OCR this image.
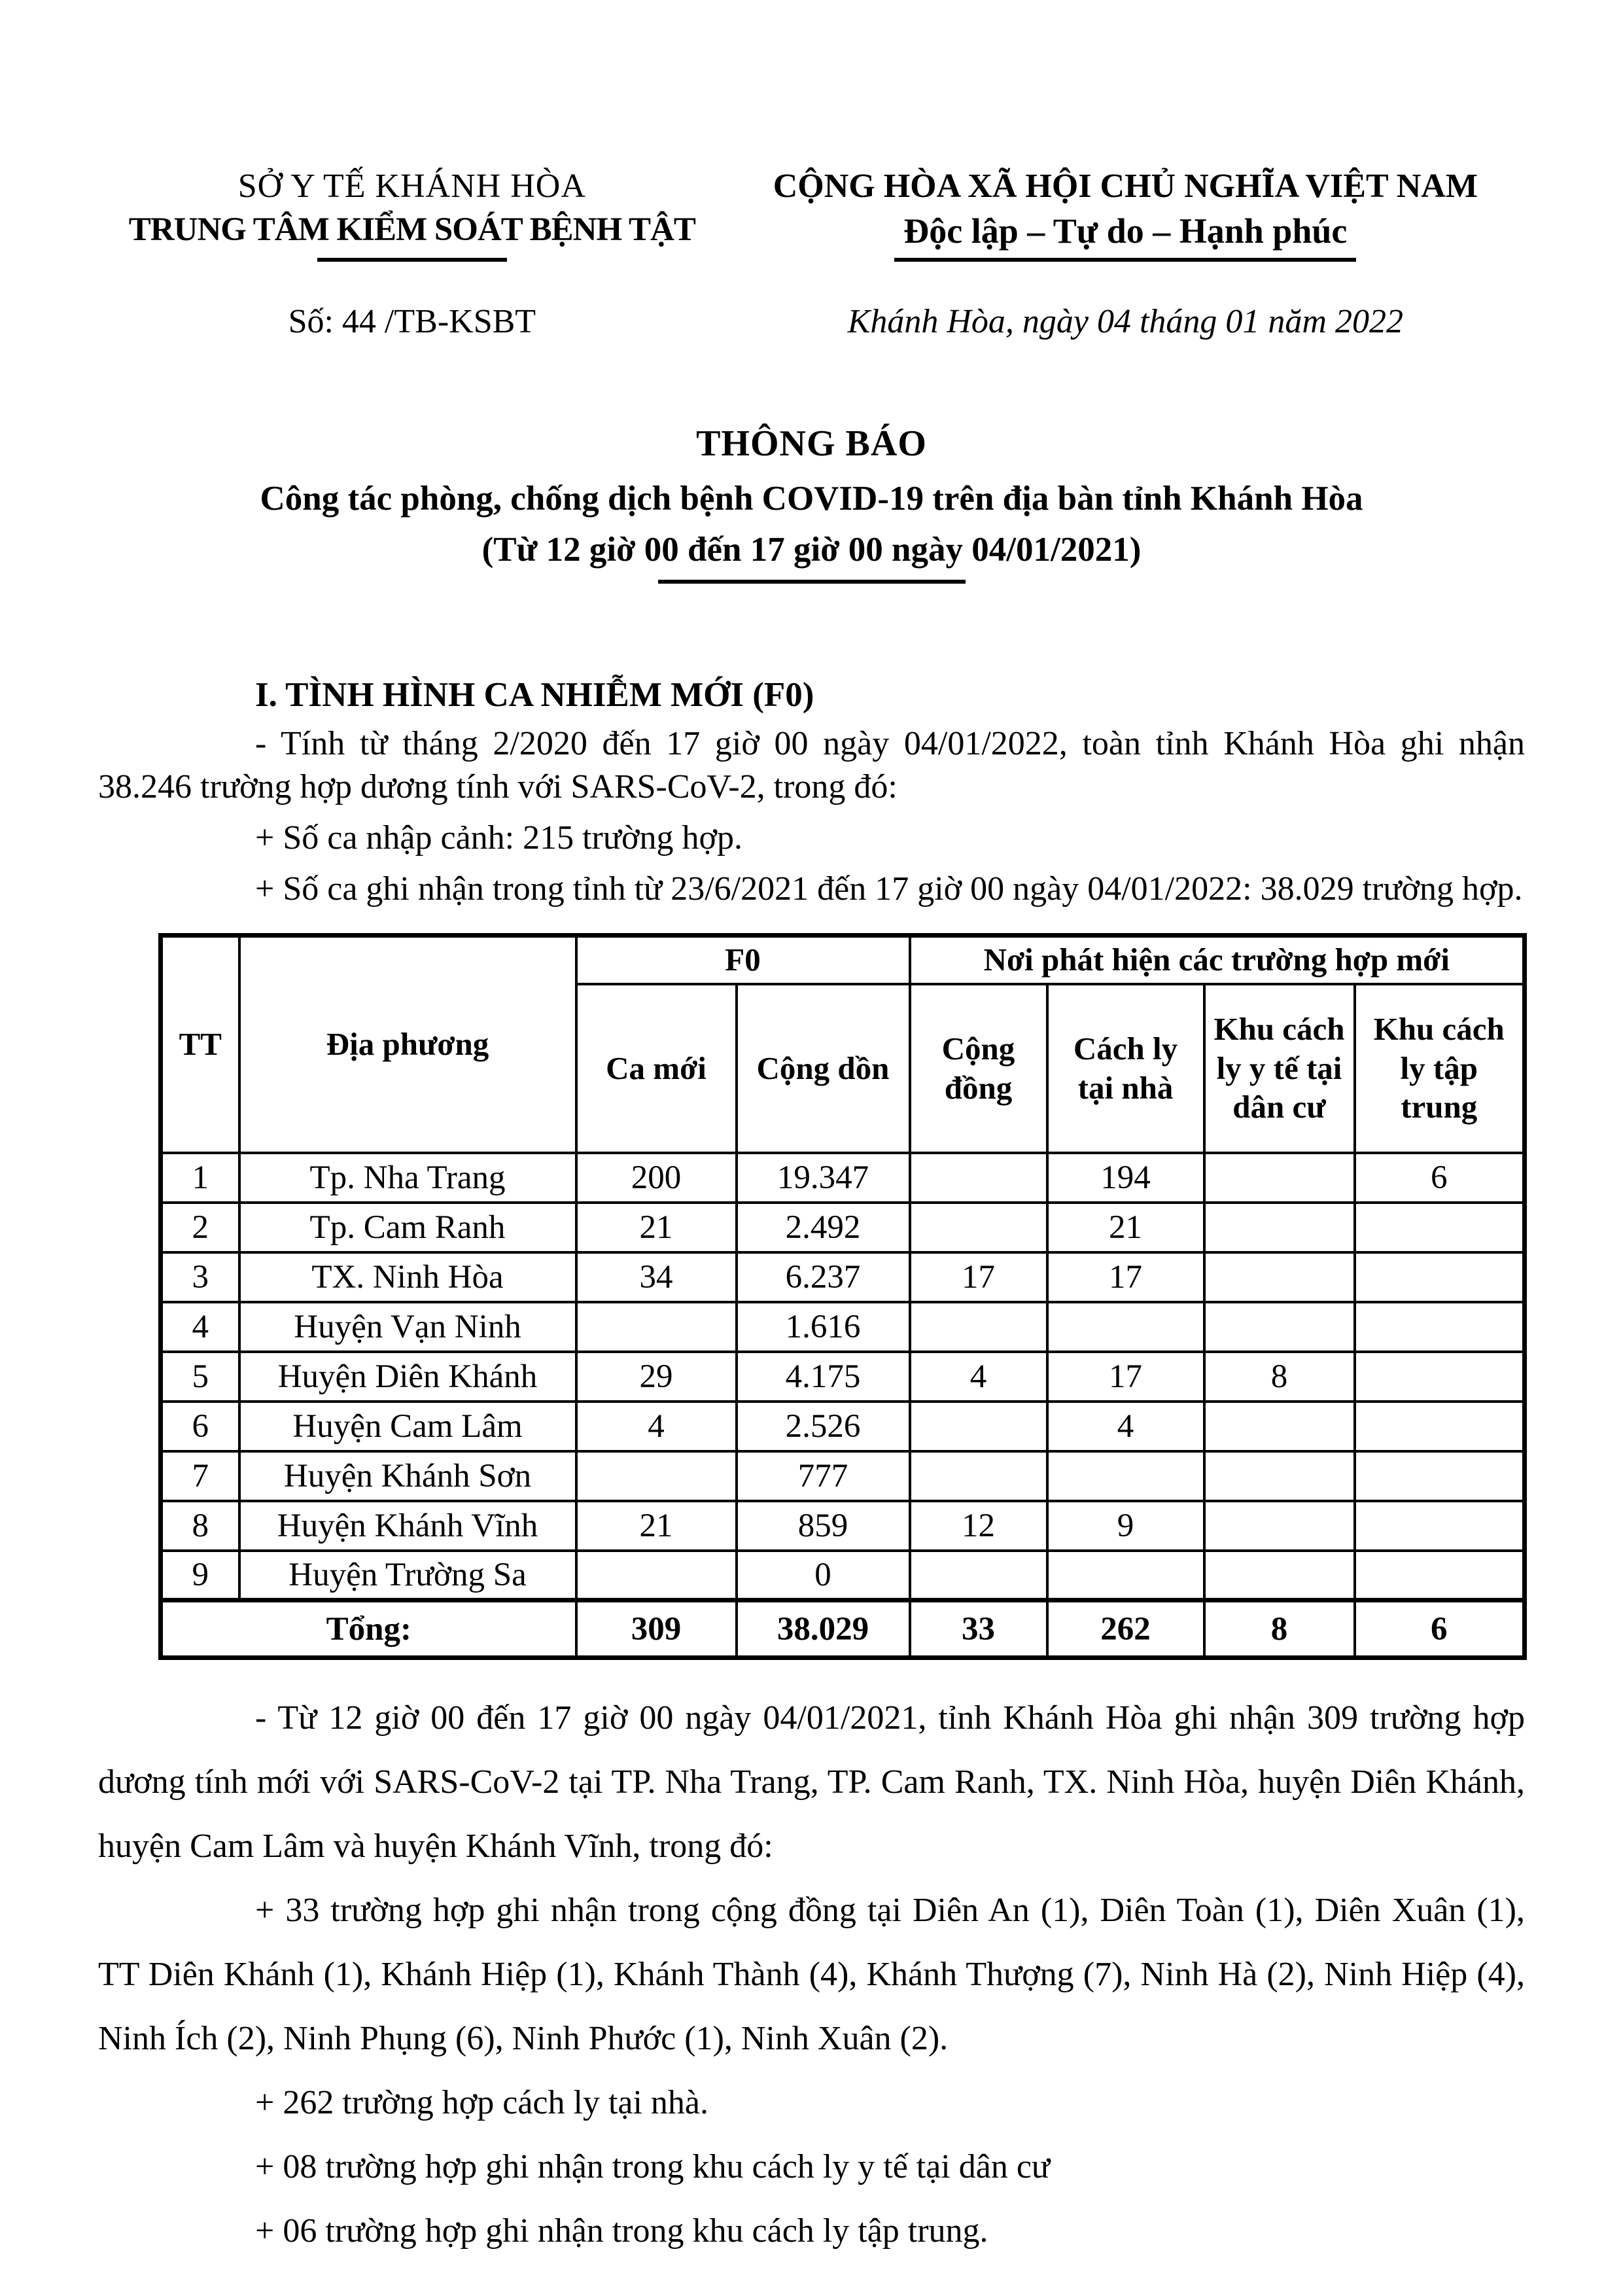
SỞ Y TẾ KHÁNH HÒA
TRUNG TÂM KIỂM SOÁT BỆNH TẬT
CỘNG HÒA XÃ HỘI CHỦ NGHĨA VIỆT NAM
Độc lập – Tự do – Hạnh phúc
Số: 44 /TB-KSBT	Khánh Hòa, ngày 04 tháng 01 năm 2022
THÔNG BÁO
Công tác phòng, chống dịch bệnh COVID-19 trên địa bàn tỉnh Khánh Hòa
(Từ 12 giờ 00 đến 17 giờ 00 ngày 04/01/2021)
I. TÌNH HÌNH CA NHIỄM MỚI (F0)

- Tính từ tháng 2/2020 đến 17 giờ 00 ngày 04/01/2022, toàn tỉnh Khánh Hòa ghi nhận 38.246 trường hợp dương tính với SARS-CoV-2, trong đó:

+ Số ca nhập cảnh: 215 trường hợp.

+ Số ca ghi nhận trong tỉnh từ 23/6/2021 đến 17 giờ 00 ngày 04/01/2022: 38.029 trường hợp.

TT	Địa phương	F0		Nơi phát hiện các trường hợp mới			
		Ca mới	Cộng dồn	Cộng đồng	Cách ly tại nhà	Khu cách ly y tế tại dân cư	Khu cách ly tập trung
1	Tp. Nha Trang	200	19.347		194		6
2	Tp. Cam Ranh	21	2.492		21		
3	TX. Ninh Hòa	34	6.237	17	17		
4	Huyện Vạn Ninh		1.616				
5	Huyện Diên Khánh	29	4.175	4	17	8	
6	Huyện Cam Lâm	4	2.526		4		
7	Huyện Khánh Sơn		777				
8	Huyện Khánh Vĩnh	21	859	12	9		
9	Huyện Trường Sa		0				
Tổng:		309	38.029	33	262	8	6

- Từ 12 giờ 00 đến 17 giờ 00 ngày 04/01/2021, tỉnh Khánh Hòa ghi nhận 309 trường hợp dương tính mới với SARS-CoV-2 tại TP. Nha Trang, TP. Cam Ranh, TX. Ninh Hòa, huyện Diên Khánh, huyện Cam Lâm và huyện Khánh Vĩnh, trong đó:

+ 33 trường hợp ghi nhận trong cộng đồng tại Diên An (1), Diên Toàn (1), Diên Xuân (1), TT Diên Khánh (1), Khánh Hiệp (1), Khánh Thành (4), Khánh Thượng (7), Ninh Hà (2), Ninh Hiệp (4), Ninh Ích (2), Ninh Phụng (6), Ninh Phước (1), Ninh Xuân (2).

+ 262 trường hợp cách ly tại nhà.

+ 08 trường hợp ghi nhận trong khu cách ly y tế tại dân cư

+ 06 trường hợp ghi nhận trong khu cách ly tập trung.
